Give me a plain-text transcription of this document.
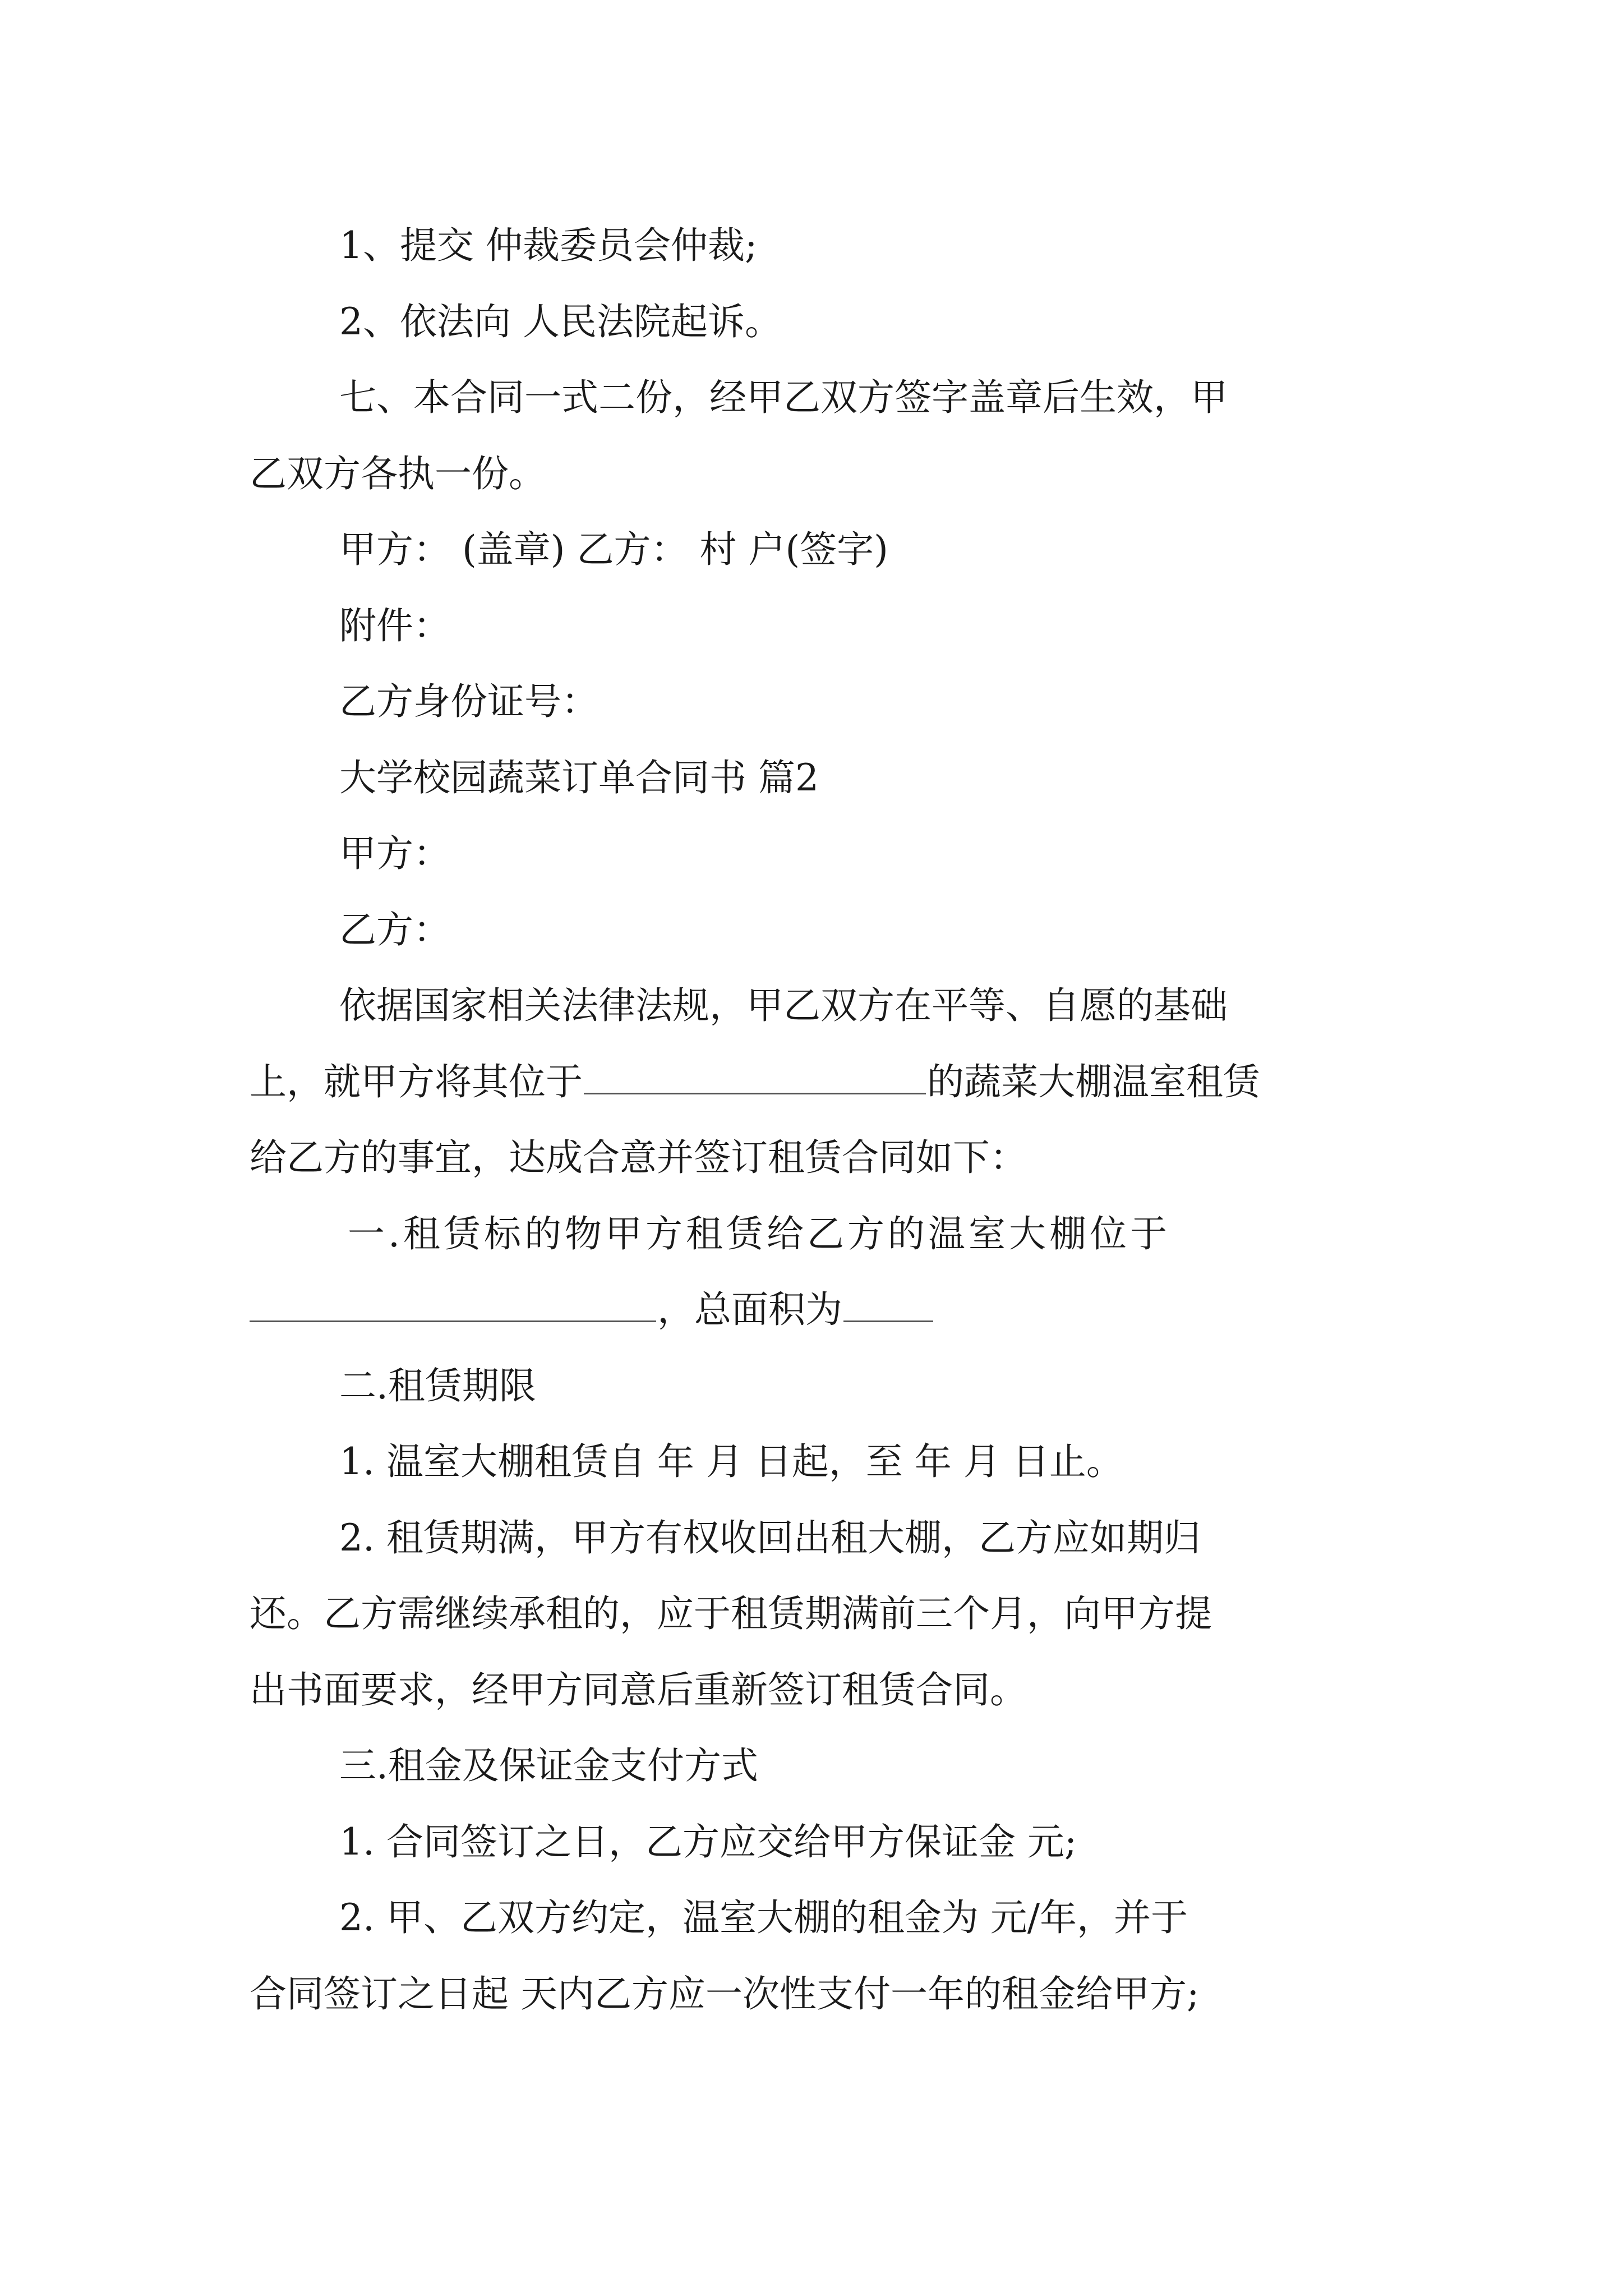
1、提交 仲裁委员会仲裁;

2、依法向 人民法院起诉。

七、本合同一式二份，经甲乙双方签字盖章后生效，甲

乙双方各执一份。

甲方： (盖章) 乙方： 村 户(签字)

附件：

乙方身份证号：

大学校园蔬菜订单合同书 篇2

甲方：

乙方：

依据国家相关法律法规，甲乙双方在平等、自愿的基础

上，就甲方将其位于	的蔬菜大棚温室租赁

给乙方的事宜，达成合意并签订租赁合同如下：

一.租赁标的物甲方租赁给乙方的温室大棚位于

，总面积为

二.租赁期限

1. 温室大棚租赁自 年 月 日起，至 年 月 日止。

2. 租赁期满，甲方有权收回出租大棚，乙方应如期归

还。乙方需继续承租的，应于租赁期满前三个月，向甲方提

出书面要求，经甲方同意后重新签订租赁合同。

三.租金及保证金支付方式

1. 合同签订之日，乙方应交给甲方保证金 元;

2. 甲、乙双方约定，温室大棚的租金为 元/年，并于

合同签订之日起 天内乙方应一次性支付一年的租金给甲方;
